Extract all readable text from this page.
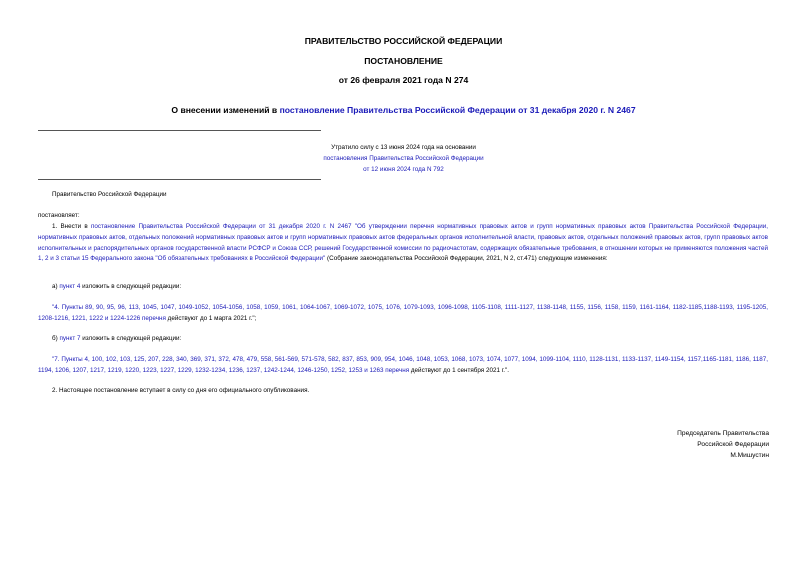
ПРАВИТЕЛЬСТВО РОССИЙСКОЙ ФЕДЕРАЦИИ
ПОСТАНОВЛЕНИЕ
от 26 февраля 2021 года N 274
О внесении изменений в постановление Правительства Российской Федерации от 31 декабря 2020 г. N 2467
Утратило силу с 13 июня 2024 года на основании
постановления Правительства Российской Федерации
от 12 июня 2024 года N 792
Правительство Российской Федерации
постановляет:
1. Внести в постановление Правительства Российской Федерации от 31 декабря 2020 г. N 2467 "Об утверждении перечня нормативных правовых актов и групп нормативных правовых актов Правительства Российской Федерации, нормативных правовых актов, отдельных положений нормативных правовых актов и групп нормативных правовых актов федеральных органов исполнительной власти, правовых актов, отдельных положений правовых актов, групп правовых актов исполнительных и распорядительных органов государственной власти РСФСР и Союза ССР, решений Государственной комиссии по радиочастотам, содержащих обязательные требования, в отношении которых не применяются положения частей 1, 2 и 3 статьи 15 Федерального закона "Об обязательных требованиях в Российской Федерации" (Собрание законодательства Российской Федерации, 2021, N 2, ст.471) следующие изменения:
а) пункт 4 изложить в следующей редакции:
"4. Пункты 89, 90, 95, 96, 113, 1045, 1047, 1049-1052, 1054-1056, 1058, 1059, 1061, 1064-1067, 1069-1072, 1075, 1076, 1079-1093, 1096-1098, 1105-1108, 1111-1127, 1138-1148, 1155, 1156, 1158, 1159, 1161-1164, 1182-1185,1188-1193, 1195-1205, 1208-1216, 1221, 1222 и 1224-1226 перечня действуют до 1 марта 2021 г.";
б) пункт 7 изложить в следующей редакции:
"7. Пункты 4, 100, 102, 103, 125, 207, 228, 340, 369, 371, 372, 478, 479, 558, 561-569, 571-578, 582, 837, 853, 909, 954, 1046, 1048, 1053, 1068, 1073, 1074, 1077, 1094, 1099-1104, 1110, 1128-1131, 1133-1137, 1149-1154, 1157,1165-1181, 1186, 1187, 1194, 1206, 1207, 1217, 1219, 1220, 1223, 1227, 1229, 1232-1234, 1236, 1237, 1242-1244, 1246-1250, 1252, 1253 и 1263 перечня действуют до 1 сентября 2021 г.".
2. Настоящее постановление вступает в силу со дня его официального опубликования.
Председатель Правительства
Российской Федерации
М.Мишустин
